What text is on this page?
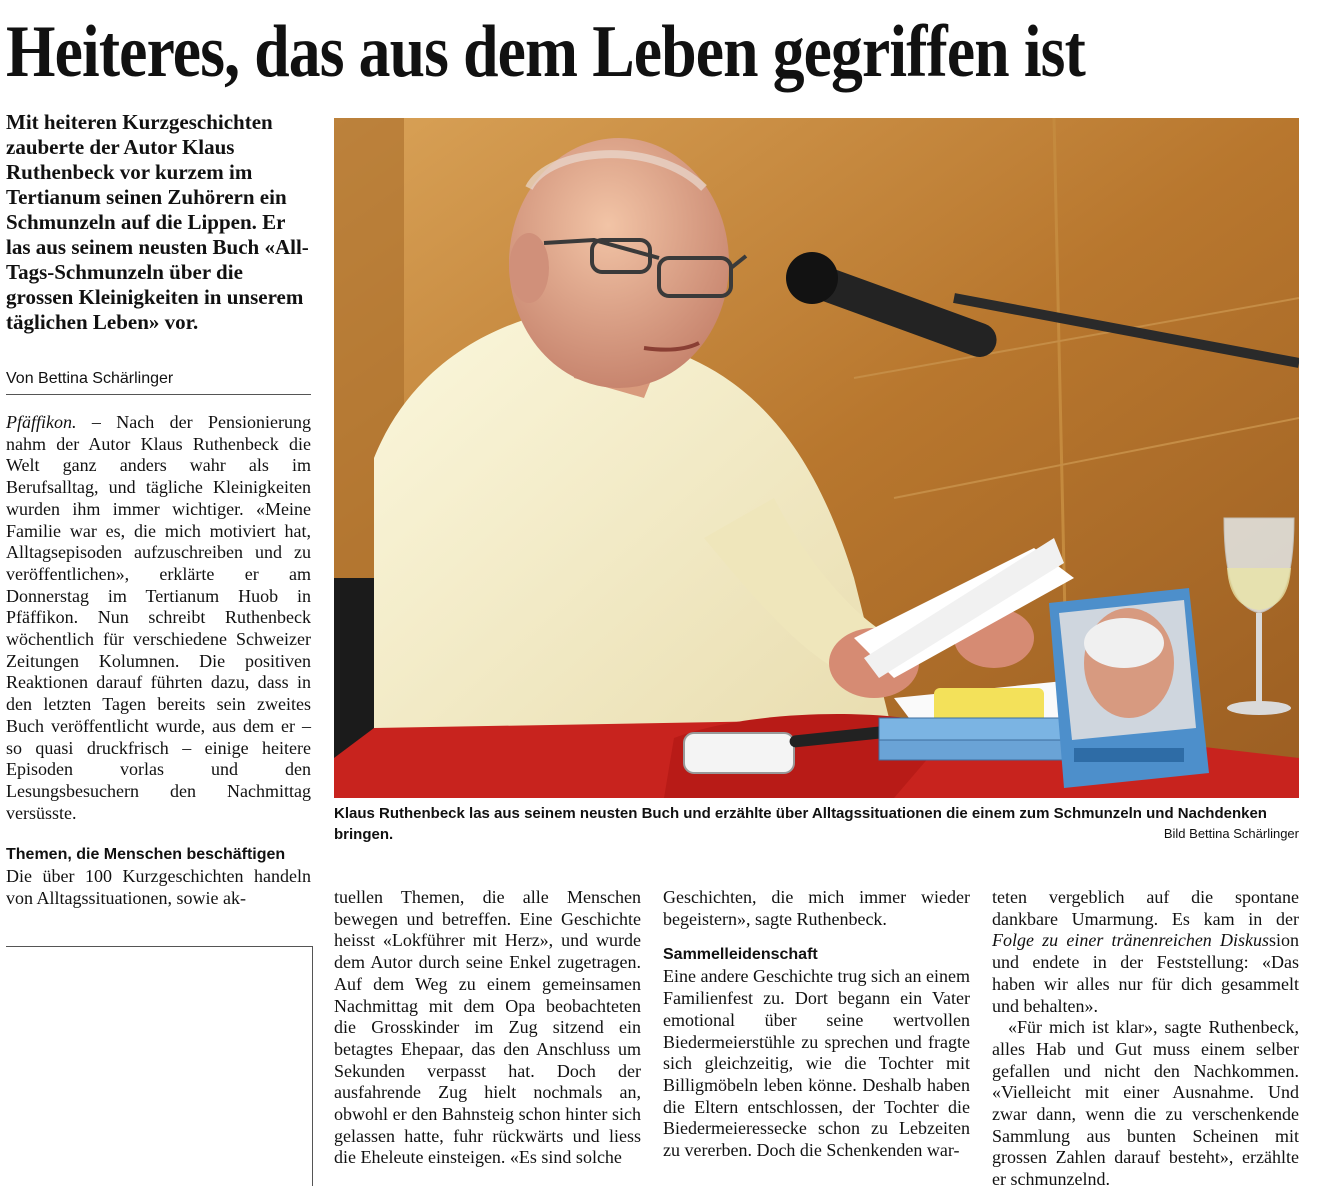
Heiteres, das aus dem Leben gegriffen ist

Mit heiteren Kurzgeschichten zauberte der Autor Klaus Ruthenbeck vor kurzem im Tertianum seinen Zuhörern ein Schmunzeln auf die Lippen. Er las aus seinem neusten Buch «All-Tags-Schmunzeln über die grossen Kleinigkeiten in unserem täglichen Leben» vor.

Von Bettina Schärlinger

Pfäffikon. – Nach der Pensionierung nahm der Autor Klaus Ruthenbeck die Welt ganz anders wahr als im Berufsalltag, und tägliche Kleinigkeiten wurden ihm immer wichtiger. «Meine Familie war es, die mich motiviert hat, Alltagsepisoden aufzuschreiben und zu veröffentlichen», erklärte er am Donnerstag im Tertianum Huob in Pfäffikon. Nun schreibt Ruthenbeck wöchentlich für verschiedene Schweizer Zeitungen Kolumnen. Die positiven Reaktionen darauf führten dazu, dass in den letzten Tagen bereits sein zweites Buch veröffentlicht wurde, aus dem er – so quasi druckfrisch – einige heitere Episoden vorlas und den Lesungsbesuchern den Nachmittag versüsste.

Themen, die Menschen beschäftigen

Die über 100 Kurzgeschichten handeln von Alltagssituationen, sowie ak-

Klaus Ruthenbeck las aus seinem neusten Buch und erzählte über Alltagssituationen die einem zum Schmunzeln und Nachdenken bringen.	Bild Bettina Schärlinger

tuellen Themen, die alle Menschen bewegen und betreffen. Eine Geschichte heisst «Lokführer mit Herz», und wurde dem Autor durch seine Enkel zugetragen. Auf dem Weg zu einem gemeinsamen Nachmittag mit dem Opa beobachteten die Grosskinder im Zug sitzend ein betagtes Ehepaar, das den Anschluss um Sekunden verpasst hat. Doch der ausfahrende Zug hielt nochmals an, obwohl er den Bahnsteig schon hinter sich gelassen hatte, fuhr rückwärts und liess die Eheleute einsteigen. «Es sind solche

Geschichten, die mich immer wieder begeistern», sagte Ruthenbeck.

Sammelleidenschaft

Eine andere Geschichte trug sich an einem Familienfest zu. Dort begann ein Vater emotional über seine wertvollen Biedermeierstühle zu sprechen und fragte sich gleichzeitig, wie die Tochter mit Billigmöbeln leben könne. Deshalb haben die Eltern entschlossen, der Tochter die Biedermeieressecke schon zu Lebzeiten zu vererben. Doch die Schenkenden war-

teten vergeblich auf die spontane dankbare Umarmung. Es kam in der Folge zu einer tränenreichen Diskussion und endete in der Feststellung: «Das haben wir alles nur für dich gesammelt und behalten».

«Für mich ist klar», sagte Ruthenbeck, alles Hab und Gut muss einem selber gefallen und nicht den Nachkommen. «Vielleicht mit einer Ausnahme. Und zwar dann, wenn die zu verschenkende Sammlung aus bunten Scheinen mit grossen Zahlen darauf besteht», erzählte er schmunzelnd.
